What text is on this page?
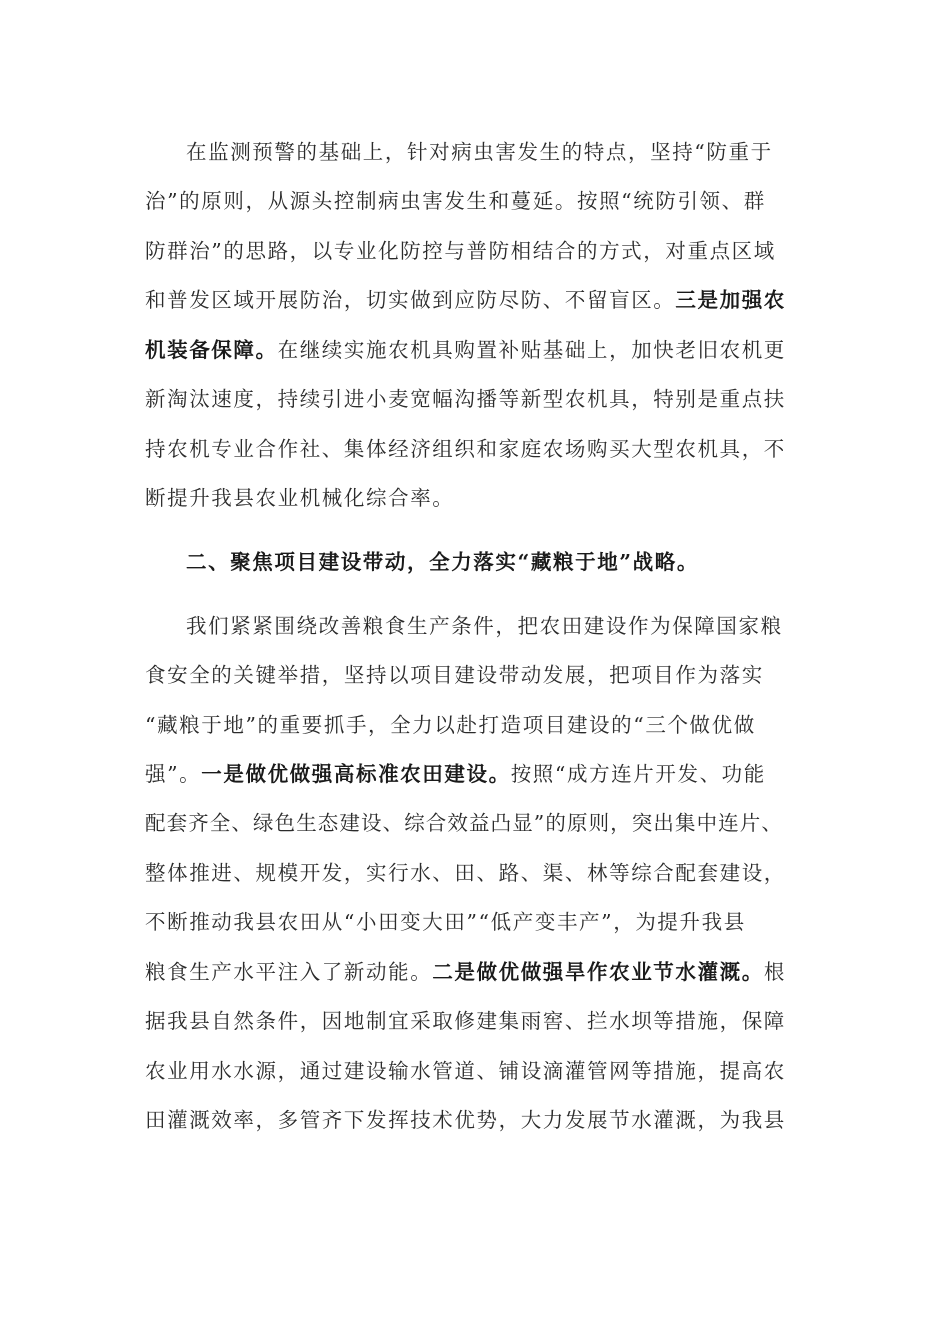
在监测预警的基础上，针对病虫害发生的特点，坚持“防重于
治”的原则，从源头控制病虫害发生和蔓延。按照“统防引领、群
防群治”的思路，以专业化防控与普防相结合的方式，对重点区域
和普发区域开展防治，切实做到应防尽防、不留盲区。三是加强农
机装备保障。在继续实施农机具购置补贴基础上，加快老旧农机更
新淘汰速度，持续引进小麦宽幅沟播等新型农机具，特别是重点扶
持农机专业合作社、集体经济组织和家庭农场购买大型农机具，不
断提升我县农业机械化综合率。
二、聚焦项目建设带动，全力落实“藏粮于地”战略。
我们紧紧围绕改善粮食生产条件，把农田建设作为保障国家粮
食安全的关键举措，坚持以项目建设带动发展，把项目作为落实
“藏粮于地”的重要抓手，全力以赴打造项目建设的“三个做优做
强”。一是做优做强高标准农田建设。按照“成方连片开发、功能
配套齐全、绿色生态建设、综合效益凸显”的原则，突出集中连片、
整体推进、规模开发，实行水、田、路、渠、林等综合配套建设，
不断推动我县农田从“小田变大田”“低产变丰产”，为提升我县
粮食生产水平注入了新动能。二是做优做强旱作农业节水灌溉。根
据我县自然条件，因地制宜采取修建集雨窖、拦水坝等措施，保障
农业用水水源，通过建设输水管道、铺设滴灌管网等措施，提高农
田灌溉效率，多管齐下发挥技术优势，大力发展节水灌溉，为我县
